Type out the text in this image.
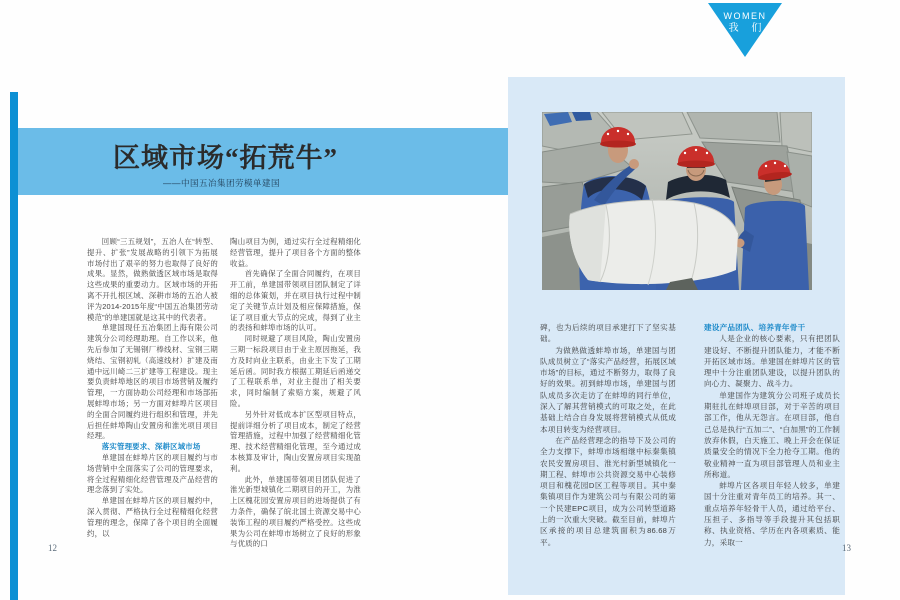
WOMEN
我 们
区域市场“拓荒牛”
——中国五冶集团劳模单建国

回顾“三五规划”，五冶人在“转型、提升、扩张”发展战略的引领下为拓展市场付出了艰辛的努力也取得了良好的成果。显然，做熟做透区域市场是取得这些成果的重要动力。区域市场的开拓离不开扎根区域、深耕市场的五冶人被评为2014-2015年度“中国五冶集团劳动模范”的单建国就是这其中的代表者。

单建国现任五冶集团上海有限公司建筑分公司经理助理。自工作以来，他先后参加了无锡钢厂棒线材、宝钢三期烧结、宝钢初轧（高速线材）扩建及南通中远川崎二三扩建等工程建设。现主要负责蚌埠地区的项目市场营销及履约管理，一方面协助公司经理和市场部拓展蚌埠市场；另一方面对蚌埠片区项目的全面合同履约进行组织和管理，并先后担任蚌埠陶山安置房和淮光项目项目经理。

落实管理要求、深耕区域市场

单建国在蚌埠片区的项目履约与市场营销中全面落实了公司的管理要求，将全过程精细化经营管理及产品经营的理念落到了实处。

单建国在蚌埠片区的项目履约中，深入贯彻、严格执行全过程精细化经营管理的理念，保障了各个项目的全面履约，以

陶山项目为例，通过实行全过程精细化经营管理，提升了项目各个方面的整体收益。

首先确保了全面合同履约，在项目开工前，单建国带领项目团队制定了详细的总体策划，并在项目执行过程中制定了关键节点计划及相应保障措施，保证了项目重大节点的完成，得到了业主的表扬和蚌埠市场的认可。

同时规避了项目风险，陶山安置房三期一标段项目由于业主原因拖延，我方及时向业主联系，由业主下发了工期延后函。同时我方根据工期延后函递交了工程联系单，对业主提出了相关要求，同时编制了索赔方案，规避了风险。

另外针对低成本扩区型项目特点，提前详细分析了项目成本，制定了经营管理措施，过程中加强了经营精细化管理、技术经营精细化管理，至今通过成本核算及审计，陶山安置房项目实现盈利。

此外，单建国带领项目团队促进了淮光新型城镇化二期项目的开工，为淮上区槐花园安置房项目的进场提供了有力条件，确保了皖北国土资源交易中心装饰工程的项目履约严格受控。这些成果为公司在蚌埠市场树立了良好的形象与优质的口

碑，也为后续的项目承建打下了坚实基础。

为做熟做透蚌埠市场，单建国与团队成员树立了“落实产品经营，拓展区域市场”的目标，通过不断努力，取得了良好的效果。初到蚌埠市场，单建国与团队成员多次走访了在蚌埠的同行单位，深入了解其营销模式的可取之处，在此基础上结合自身发展将营销模式从低成本项目转变为经营项目。

在产品经营理念的指导下及公司的全力支撑下，蚌埠市场相继中标秦集镇农民安置房项目、淮光村新型城镇化一期工程、蚌埠市公共资源交易中心装修项目和槐花园D区工程等项目。其中秦集镇项目作为建筑公司与有限公司的第一个民建EPC项目，成为公司转型道路上的一次重大突破。截至目前，蚌埠片区承接的项目总建筑面积为86.68万平。

建设产品团队、培养青年骨干

人是企业的核心要素，只有把团队建设好、不断提升团队能力，才能不断开拓区域市场。单建国在蚌埠片区的管理中十分注重团队建设，以提升团队的向心力、凝聚力、战斗力。

单建国作为建筑分公司班子成员长期驻扎在蚌埠项目部，对于辛苦的项目部工作，他从无怨言。在项目部，他自己总是执行“五加二”、“白加黑”的工作制放弃休假，白天施工、晚上开会在保证质量安全的情况下全力抢夺工期。他的敬业精神一直为项目部管理人员和业主所称道。

蚌埠片区各项目年轻人较多，单建国十分注重对青年员工的培养。其一、重点培养年轻骨干人员，通过给平台、压担子、多指导等手段提升其包括职称、执业资格、学历在内各项素质、能力，采取一

12	13
